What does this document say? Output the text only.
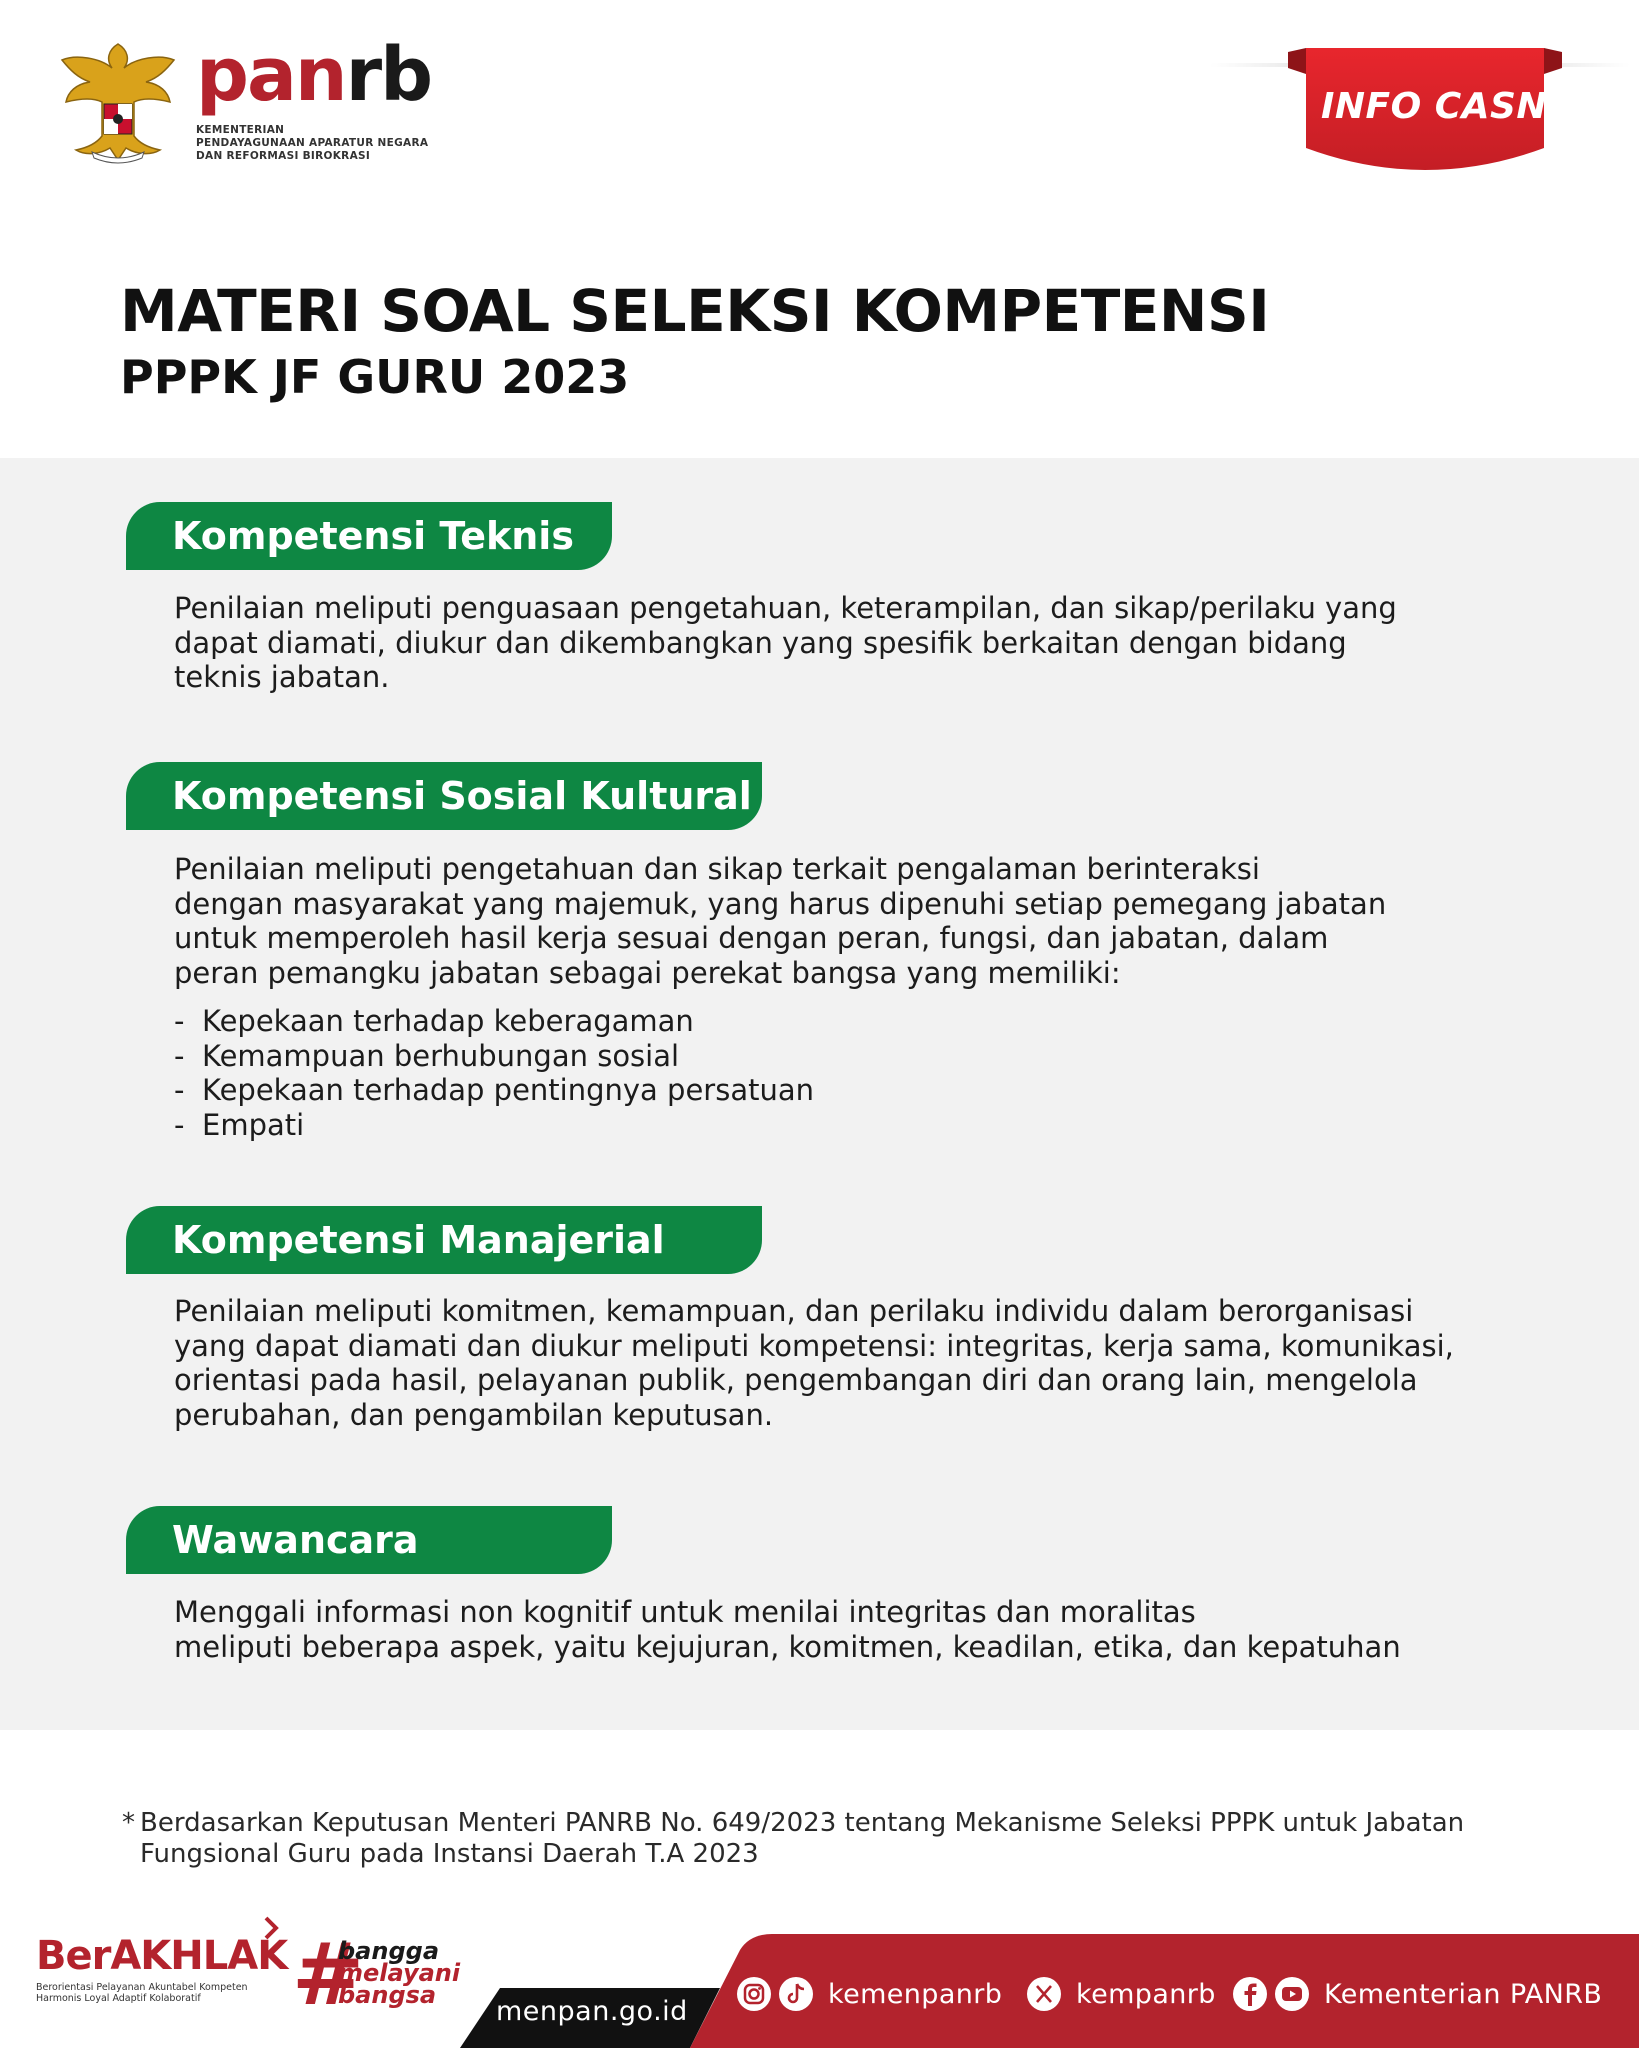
panrb
KEMENTERIAN
PENDAYAGUNAAN APARATUR NEGARA
DAN REFORMASI BIROKRASI
INFO CASN
MATERI SOAL SELEKSI KOMPETENSI
PPPK JF GURU 2023
Kompetensi Teknis
Penilaian meliputi penguasaan pengetahuan, keterampilan, dan sikap/perilaku yang
dapat diamati, diukur dan dikembangkan yang spesifik berkaitan dengan bidang
teknis jabatan.
Kompetensi Sosial Kultural
Penilaian meliputi pengetahuan dan sikap terkait pengalaman berinteraksi
dengan masyarakat yang majemuk, yang harus dipenuhi setiap pemegang jabatan
untuk memperoleh hasil kerja sesuai dengan peran, fungsi, dan jabatan, dalam
peran pemangku jabatan sebagai perekat bangsa yang memiliki:
- Kepekaan terhadap keberagaman
- Kemampuan berhubungan sosial
- Kepekaan terhadap pentingnya persatuan
- Empati
Kompetensi Manajerial
Penilaian meliputi komitmen, kemampuan, dan perilaku individu dalam berorganisasi
yang dapat diamati dan diukur meliputi kompetensi: integritas, kerja sama, komunikasi,
orientasi pada hasil, pelayanan publik, pengembangan diri dan orang lain, mengelola
perubahan, dan pengambilan keputusan.
Wawancara
Menggali informasi non kognitif untuk menilai integritas dan moralitas
meliputi beberapa aspek, yaitu kejujuran, komitmen, keadilan, etika, dan kepatuhan
* Berdasarkan Keputusan Menteri PANRB No. 649/2023 tentang Mekanisme Seleksi PPPK untuk Jabatan
Fungsional Guru pada Instansi Daerah T.A 2023
BerAKHLAK
Berorientasi Pelayanan Akuntabel Kompeten
Harmonis Loyal Adaptif Kolaboratif	#
bangga
melayani
bangsa
menpan.go.id
kemenpanrb	kempanrb	Kementerian PANRB
